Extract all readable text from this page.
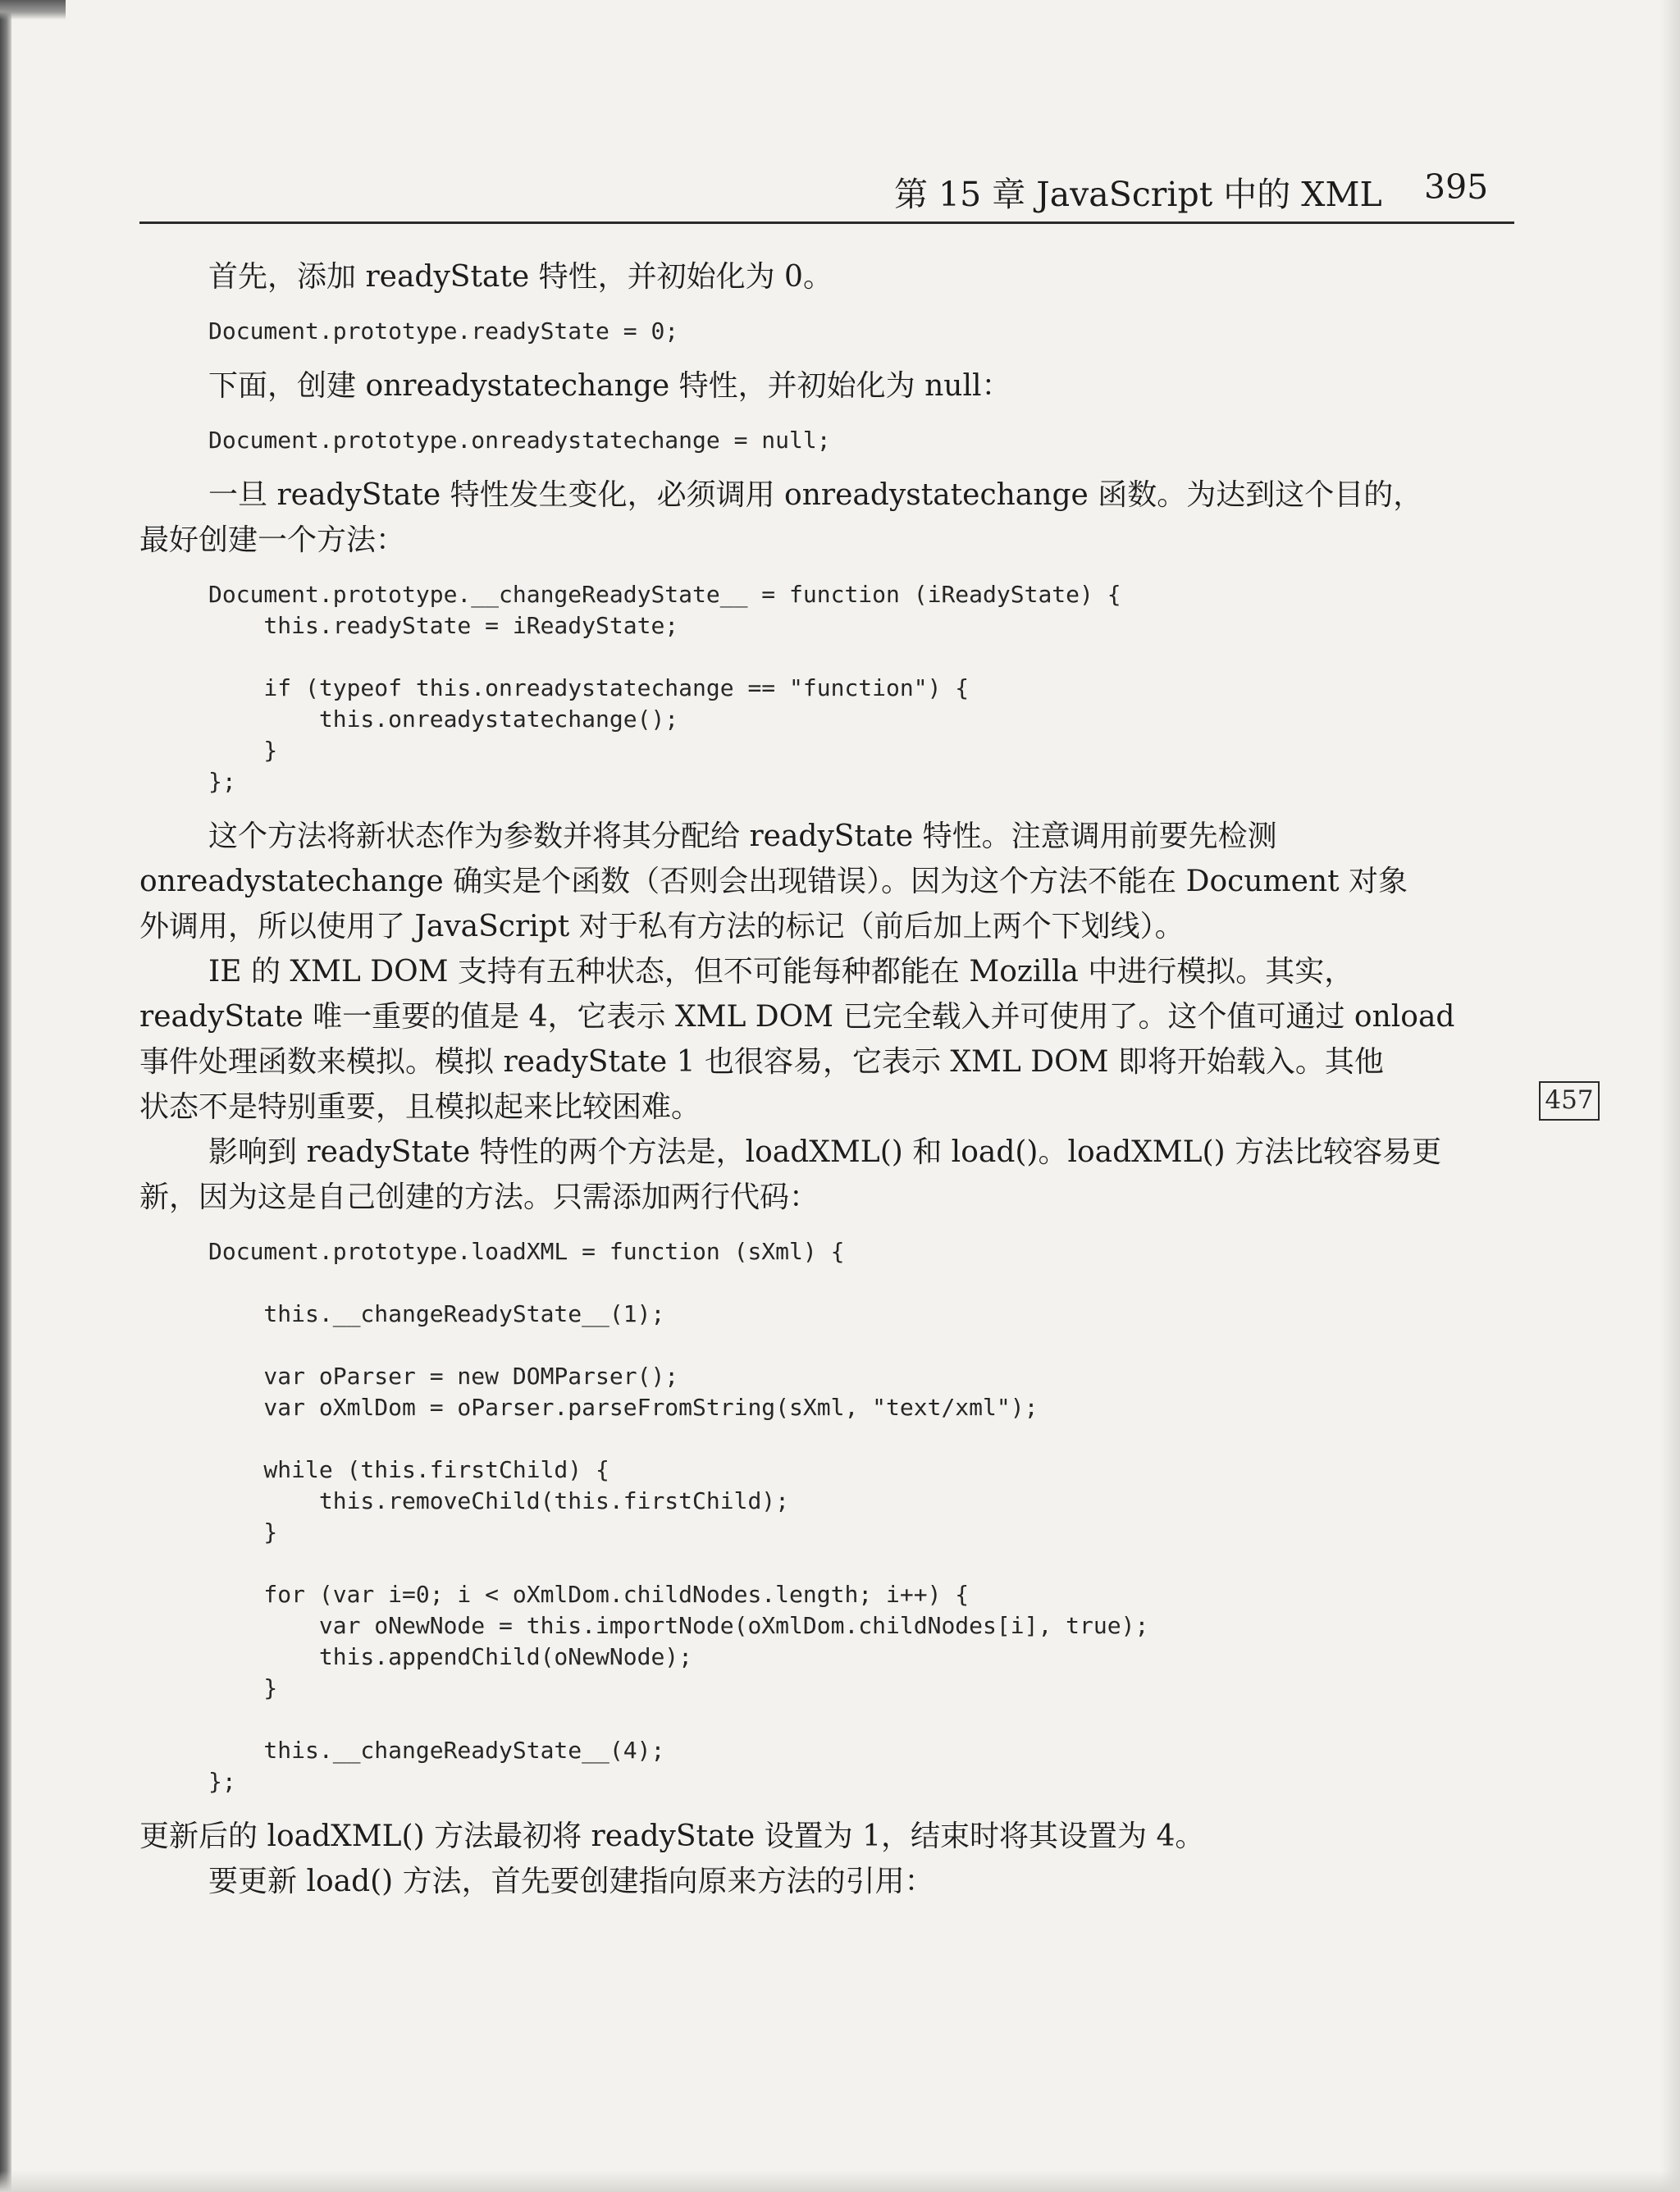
第 15 章 JavaScript 中的 XML 395
首先，添加 readyState 特性，并初始化为 0。
Document.prototype.readyState = 0;
下面，创建 onreadystatechange 特性，并初始化为 null：
Document.prototype.onreadystatechange = null;
一旦 readyState 特性发生变化，必须调用 onreadystatechange 函数。为达到这个目的，
最好创建一个方法：
Document.prototype.__changeReadyState__ = function (iReadyState) {
this.readyState = iReadyState;
if (typeof this.onreadystatechange == "function") {
this.onreadystatechange();
}
};
这个方法将新状态作为参数并将其分配给 readyState 特性。注意调用前要先检测
onreadystatechange 确实是个函数（否则会出现错误）。因为这个方法不能在 Document 对象
外调用，所以使用了 JavaScript 对于私有方法的标记（前后加上两个下划线）。
IE 的 XML DOM 支持有五种状态，但不可能每种都能在 Mozilla 中进行模拟。其实，
readyState 唯一重要的值是 4，它表示 XML DOM 已完全载入并可使用了。这个值可通过 onload
事件处理函数来模拟。模拟 readyState 1 也很容易，它表示 XML DOM 即将开始载入。其他
状态不是特别重要，且模拟起来比较困难。
影响到 readyState 特性的两个方法是，loadXML() 和 load()。loadXML() 方法比较容易更
新，因为这是自己创建的方法。只需添加两行代码：
Document.prototype.loadXML = function (sXml) {
this.__changeReadyState__(1);
var oParser = new DOMParser();
var oXmlDom = oParser.parseFromString(sXml, "text/xml");
while (this.firstChild) {
this.removeChild(this.firstChild);
}
for (var i=0; i < oXmlDom.childNodes.length; i++) {
var oNewNode = this.importNode(oXmlDom.childNodes[i], true);
this.appendChild(oNewNode);
}
this.__changeReadyState__(4);
};
更新后的 loadXML() 方法最初将 readyState 设置为 1，结束时将其设置为 4。
要更新 load() 方法，首先要创建指向原来方法的引用：
457
